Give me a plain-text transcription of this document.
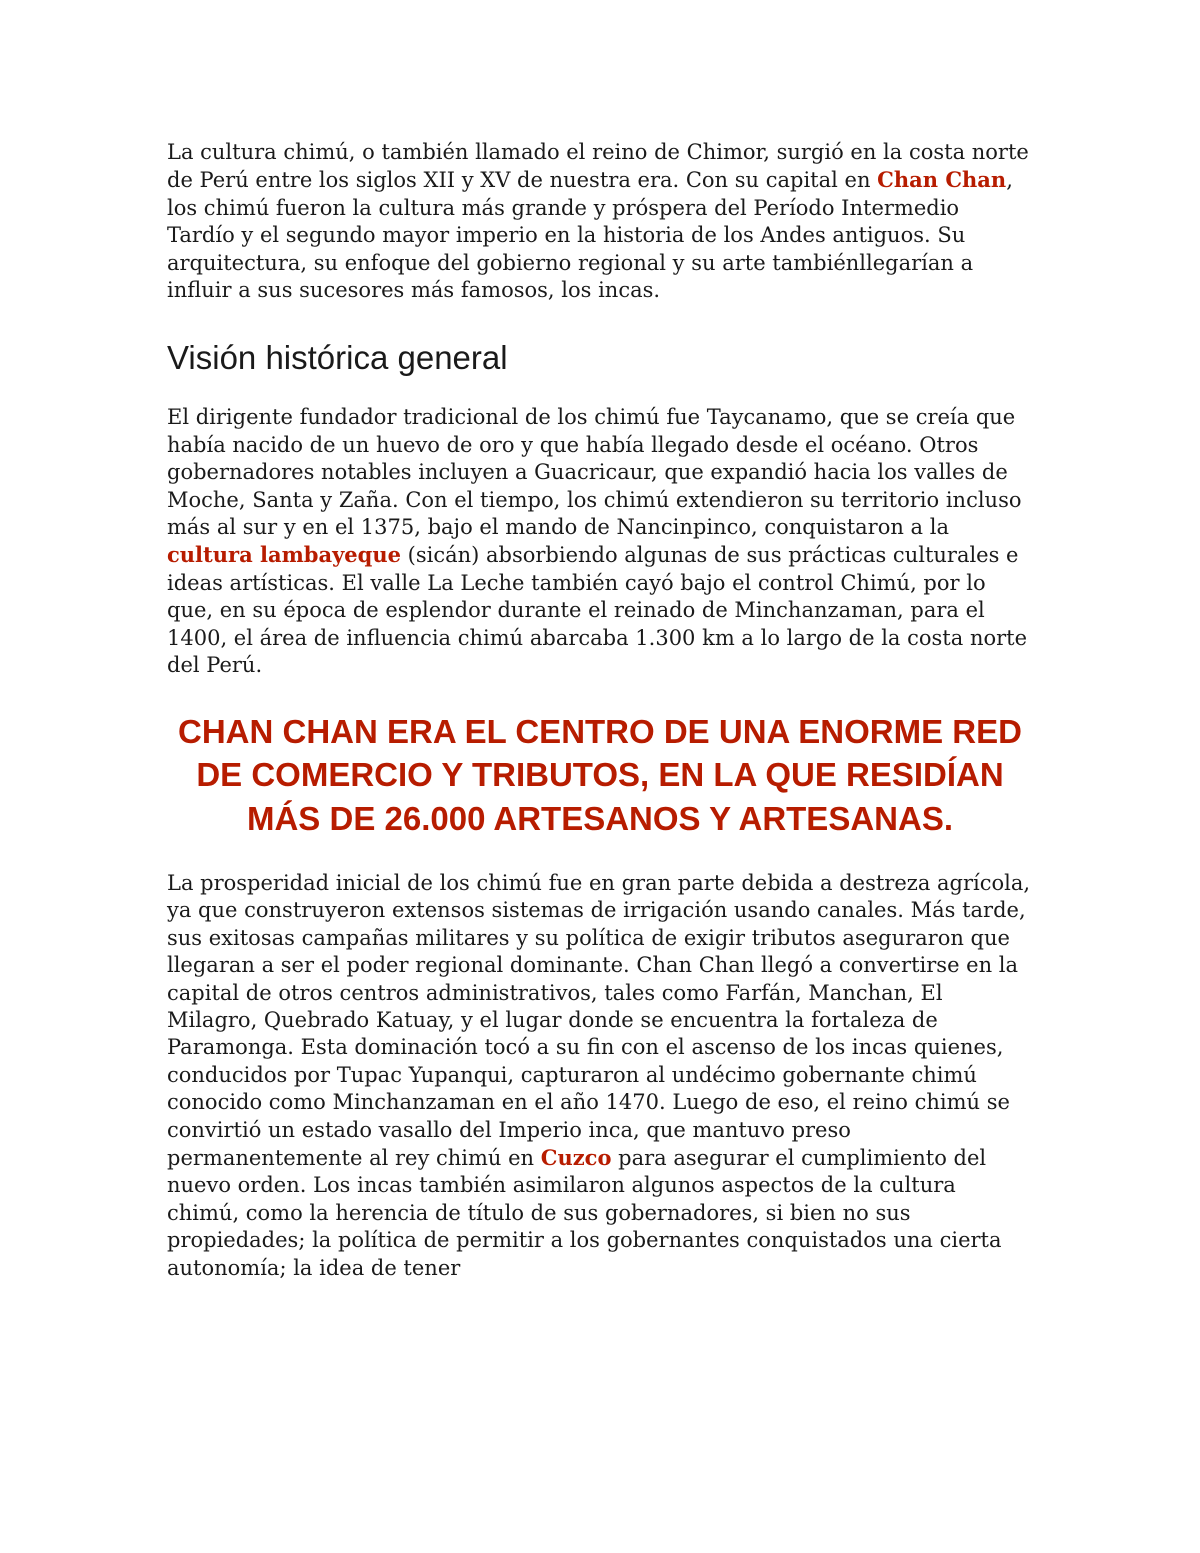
La cultura chimú, o también llamado el reino de Chimor, surgió en la costa norte de Perú entre los siglos XII y XV de nuestra era. Con su capital en Chan Chan, los chimú fueron la cultura más grande y próspera del Período Intermedio Tardío y el segundo mayor imperio en la historia de los Andes antiguos. Su arquitectura, su enfoque del gobierno regional y su arte tambiénllegarían a influir a sus sucesores más famosos, los incas.

Visión histórica general

El dirigente fundador tradicional de los chimú fue Taycanamo, que se creía que había nacido de un huevo de oro y que había llegado desde el océano. Otros gobernadores notables incluyen a Guacricaur, que expandió hacia los valles de Moche, Santa y Zaña. Con el tiempo, los chimú extendieron su territorio incluso más al sur y en el 1375, bajo el mando de Nancinpinco, conquistaron a la cultura lambayeque (sicán) absorbiendo algunas de sus prácticas culturales e ideas artísticas. El valle La Leche también cayó bajo el control Chimú, por lo que, en su época de esplendor durante el reinado de Minchanzaman, para el 1400, el área de influencia chimú abarcaba 1.300 km a lo largo de la costa norte del Perú.

CHAN CHAN ERA EL CENTRO DE UNA ENORME RED DE COMERCIO Y TRIBUTOS, EN LA QUE RESIDÍAN MÁS DE 26.000 ARTESANOS Y ARTESANAS.

La prosperidad inicial de los chimú fue en gran parte debida a destreza agrícola, ya que construyeron extensos sistemas de irrigación usando canales. Más tarde, sus exitosas campañas militares y su política de exigir tributos aseguraron que llegaran a ser el poder regional dominante. Chan Chan llegó a convertirse en la capital de otros centros administrativos, tales como Farfán, Manchan, El Milagro, Quebrado Katuay, y el lugar donde se encuentra la fortaleza de Paramonga. Esta dominación tocó a su fin con el ascenso de los incas quienes, conducidos por Tupac Yupanqui, capturaron al undécimo gobernante chimú conocido como Minchanzaman en el año 1470. Luego de eso, el reino chimú se convirtió un estado vasallo del Imperio inca, que mantuvo preso permanentemente al rey chimú en Cuzco para asegurar el cumplimiento del nuevo orden. Los incas también asimilaron algunos aspectos de la cultura chimú, como la herencia de título de sus gobernadores, si bien no sus propiedades; la política de permitir a los gobernantes conquistados una cierta autonomía; la idea de tener
